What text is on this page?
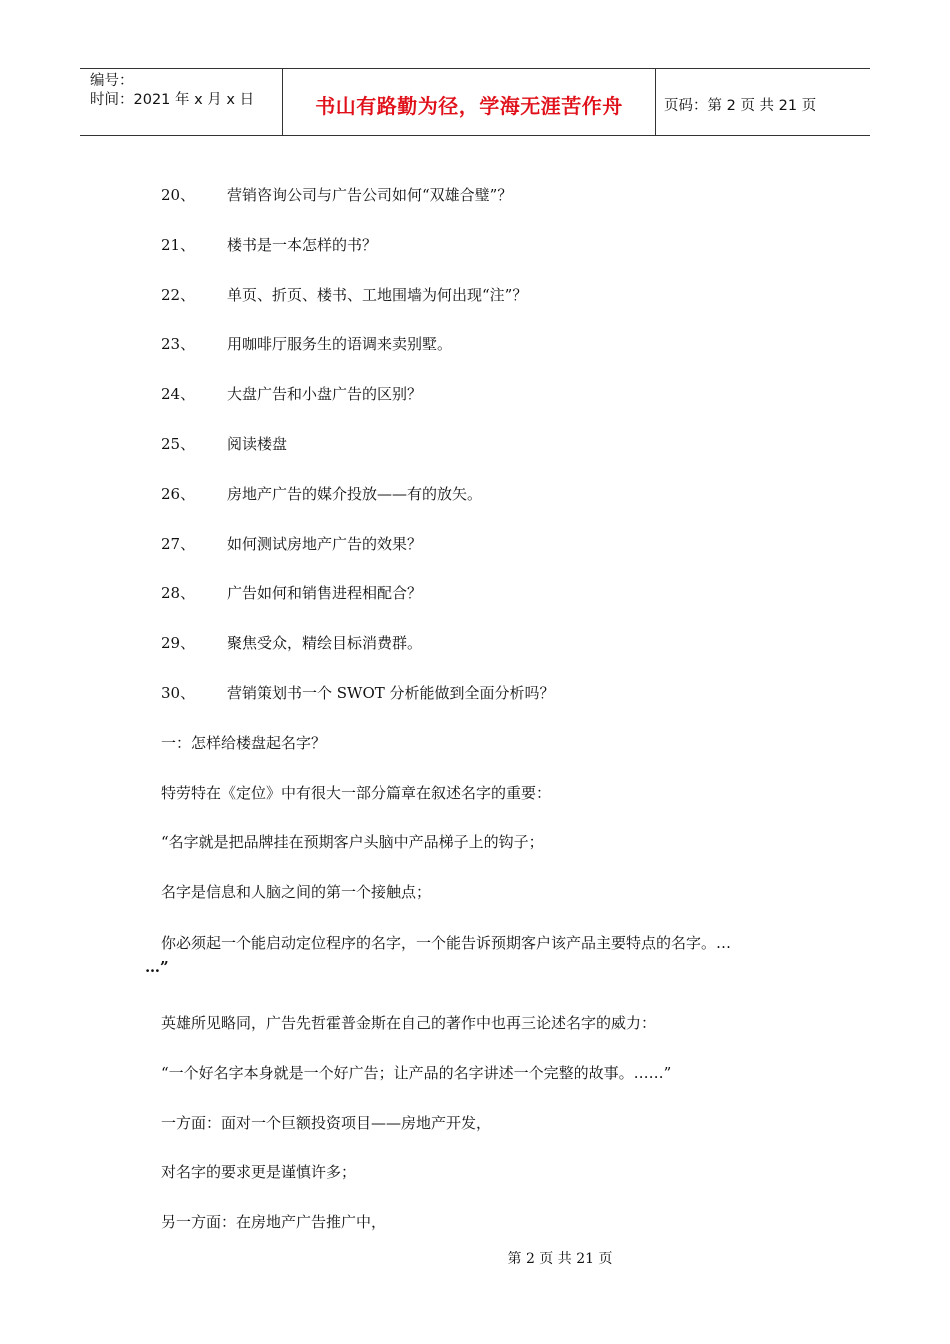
编号：
时间：2021 年 x 月 x 日	书山有路勤为径，学海无涯苦作舟	页码：第 2 页 共 21 页
20、	营销咨询公司与广告公司如何“双雄合璧”？
21、	楼书是一本怎样的书？
22、	单页、折页、楼书、工地围墙为何出现“注”？
23、	用咖啡厅服务生的语调来卖别墅。
24、	大盘广告和小盘广告的区别？
25、	阅读楼盘
26、	房地产广告的媒介投放——有的放矢。
27、	如何测试房地产广告的效果？
28、	广告如何和销售进程相配合？
29、	聚焦受众，精绘目标消费群。
30、	营销策划书一个 SWOT 分析能做到全面分析吗？
一：怎样给楼盘起名字？
特劳特在《定位》中有很大一部分篇章在叙述名字的重要：
“名字就是把品牌挂在预期客户头脑中产品梯子上的钩子；
名字是信息和人脑之间的第一个接触点；
你必须起一个能启动定位程序的名字，一个能告诉预期客户该产品主要特点的名字。…
…”
英雄所见略同，广告先哲霍普金斯在自己的著作中也再三论述名字的威力：
“一个好名字本身就是一个好广告；让产品的名字讲述一个完整的故事。……”
一方面：面对一个巨额投资项目——房地产开发，
对名字的要求更是谨慎许多；
另一方面：在房地产广告推广中，
第 2 页 共 21 页
